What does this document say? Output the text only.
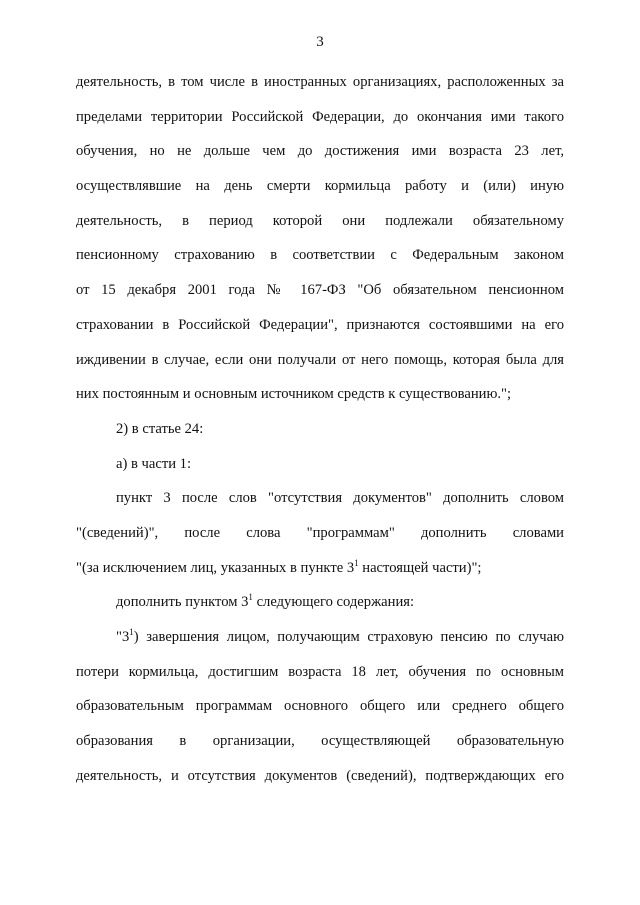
3
деятельность, в том числе в иностранных организациях, расположенных за
пределами территории Российской Федерации, до окончания ими такого
обучения, но не дольше чем до достижения ими возраста 23 лет,
осуществлявшие на день смерти кормильца работу и (или) иную
деятельность, в период которой они подлежали обязательному
пенсионному страхованию в соответствии с Федеральным законом
от 15 декабря 2001 года № 167-ФЗ "Об обязательном пенсионном
страховании в Российской Федерации", признаются состоявшими на его
иждивении в случае, если они получали от него помощь, которая была для
них постоянным и основным источником средств к существованию.";
2) в статье 24:
а) в части 1:
пункт 3 после слов "отсутствия документов" дополнить словом
"(сведений)", после слова "программам" дополнить словами
"(за исключением лиц, указанных в пункте $3^1$ настоящей части)";
дополнить пунктом $3^1$ следующего содержания:
"$3^1$) завершения лицом, получающим страховую пенсию по случаю
потери кормильца, достигшим возраста 18 лет, обучения по основным
образовательным программам основного общего или среднего общего
образования в организации, осуществляющей образовательную
деятельность, и отсутствия документов (сведений), подтверждающих его
